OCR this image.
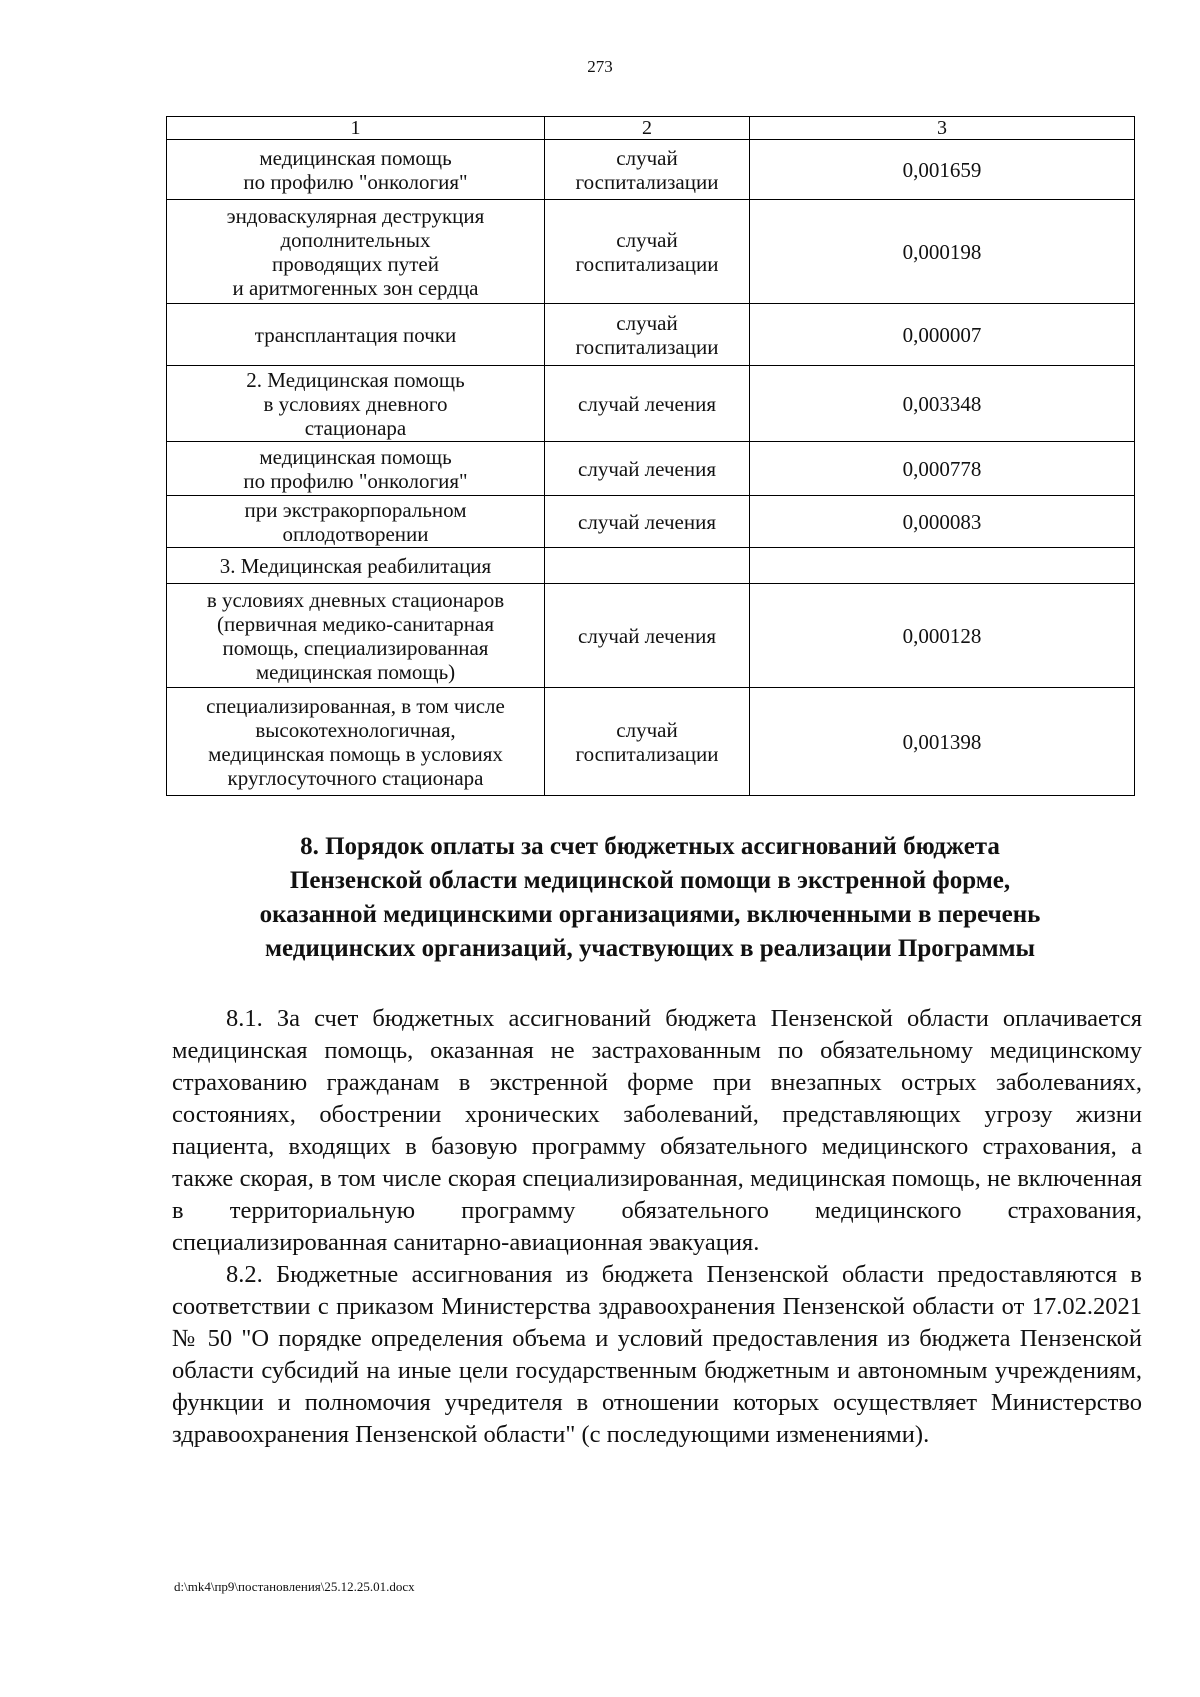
273
1	2	3

медицинская помощь
по профилю "онкология"	случай
госпитализации	0,001659

эндоваскулярная деструкция
дополнительных
проводящих путей
и аритмогенных зон сердца	случай
госпитализации	0,000198

трансплантация почки	случай
госпитализации	0,000007

2. Медицинская помощь
в условиях дневного
стационара	случай лечения	0,003348

медицинская помощь
по профилю "онкология"	случай лечения	0,000778

при экстракорпоральном
оплодотворении	случай лечения	0,000083

3. Медицинская реабилитация		

в условиях дневных стационаров
(первичная медико-санитарная
помощь, специализированная
медицинская помощь)	случай лечения	0,000128

специализированная, в том числе
высокотехнологичная,
медицинская помощь в условиях
круглосуточного стационара	случай
госпитализации	0,001398
8. Порядок оплаты за счет бюджетных ассигнований бюджета
Пензенской области медицинской помощи в экстренной форме,
оказанной медицинскими организациями, включенными в перечень
медицинских организаций, участвующих в реализации Программы

8.1. За счет бюджетных ассигнований бюджета Пензенской области оплачивается медицинская помощь, оказанная не застрахованным по обязательному медицинскому страхованию гражданам в экстренной форме при внезапных острых заболеваниях, состояниях, обострении хронических заболеваний, представляющих угрозу жизни пациента, входящих в базовую программу обязательного медицинского страхования, а также скорая, в том числе скорая специализированная, медицинская помощь, не включенная в территориальную программу обязательного медицинского страхования, специализированная санитарно-авиационная эвакуация.

8.2. Бюджетные ассигнования из бюджета Пензенской области предоставляются в соответствии с приказом Министерства здравоохранения Пензенской области от 17.02.2021 № 50 "О порядке определения объема и условий предоставления из бюджета Пензенской области субсидий на иные цели государственным бюджетным и автономным учреждениям, функции и полномочия учредителя в отношении которых осуществляет Министерство здравоохранения Пензенской области" (с последующими изменениями).

d:\mk4\пр9\постановления\25.12.25.01.docx
